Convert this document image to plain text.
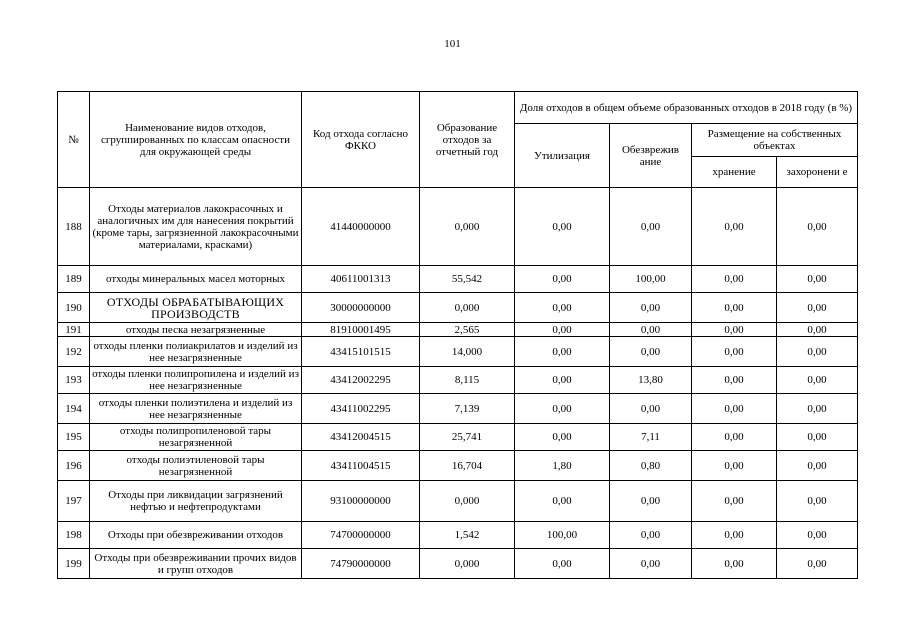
101
№	Наименование видов отходов, сгруппированных по классам опасности для окружающей среды	Код отхода согласно ФККО	Образование отходов за отчетный год	Доля отходов в общем объеме образованных отходов в 2018 году (в %)			
				Утилизация	Обезврежив ание	Размещение на собственных объектах	
						хранение	захоронени е
188	Отходы материалов лакокрасочных и аналогичных им для нанесения покрытий (кроме тары, загрязненной лакокрасочными материалами, красками)	41440000000	0,000	0,00	0,00	0,00	0,00
189	отходы минеральных масел моторных	40611001313	55,542	0,00	100,00	0,00	0,00
190	ОТХОДЫ ОБРАБАТЫВАЮЩИХ ПРОИЗВОДСТВ	30000000000	0,000	0,00	0,00	0,00	0,00
191	отходы песка незагрязненные	81910001495	2,565	0,00	0,00	0,00	0,00
192	отходы пленки полиакрилатов и изделий из нее незагрязненные	43415101515	14,000	0,00	0,00	0,00	0,00
193	отходы пленки полипропилена и изделий из нее незагрязненные	43412002295	8,115	0,00	13,80	0,00	0,00
194	отходы пленки полиэтилена и изделий из нее незагрязненные	43411002295	7,139	0,00	0,00	0,00	0,00
195	отходы полипропиленовой тары незагрязненной	43412004515	25,741	0,00	7,11	0,00	0,00
196	отходы полиэтиленовой тары незагрязненной	43411004515	16,704	1,80	0,80	0,00	0,00
197	Отходы при ликвидации загрязнений нефтью и нефтепродуктами	93100000000	0,000	0,00	0,00	0,00	0,00
198	Отходы при обезвреживании отходов	74700000000	1,542	100,00	0,00	0,00	0,00
199	Отходы при обезвреживании прочих видов и групп отходов	74790000000	0,000	0,00	0,00	0,00	0,00
